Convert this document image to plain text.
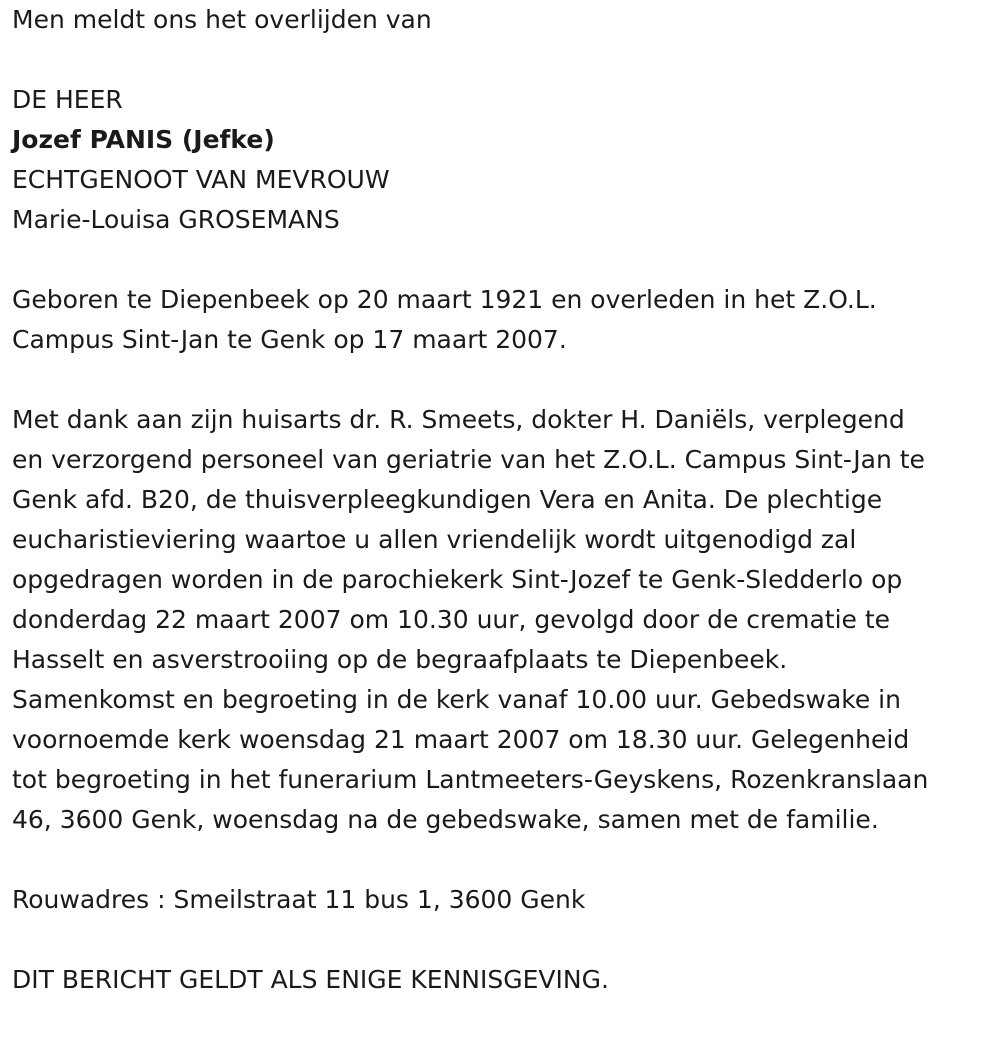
Men meldt ons het overlijden van

DE HEER

Jozef PANIS (Jefke)

ECHTGENOOT VAN MEVROUW

Marie-Louisa GROSEMANS

Geboren te Diepenbeek op 20 maart 1921 en overleden in het Z.O.L.
Campus Sint-Jan te Genk op 17 maart 2007.

Met dank aan zijn huisarts dr. R. Smeets, dokter H. Daniëls, verplegend
en verzorgend personeel van geriatrie van het Z.O.L. Campus Sint-Jan te
Genk afd. B20, de thuisverpleegkundigen Vera en Anita. De plechtige
eucharistieviering waartoe u allen vriendelijk wordt uitgenodigd zal
opgedragen worden in de parochiekerk Sint-Jozef te Genk-Sledderlo op
donderdag 22 maart 2007 om 10.30 uur, gevolgd door de crematie te
Hasselt en asverstrooiing op de begraafplaats te Diepenbeek.
Samenkomst en begroeting in de kerk vanaf 10.00 uur. Gebedswake in
voornoemde kerk woensdag 21 maart 2007 om 18.30 uur. Gelegenheid
tot begroeting in het funerarium Lantmeeters-Geyskens, Rozenkranslaan
46, 3600 Genk, woensdag na de gebedswake, samen met de familie.

Rouwadres : Smeilstraat 11 bus 1, 3600 Genk

DIT BERICHT GELDT ALS ENIGE KENNISGEVING.
